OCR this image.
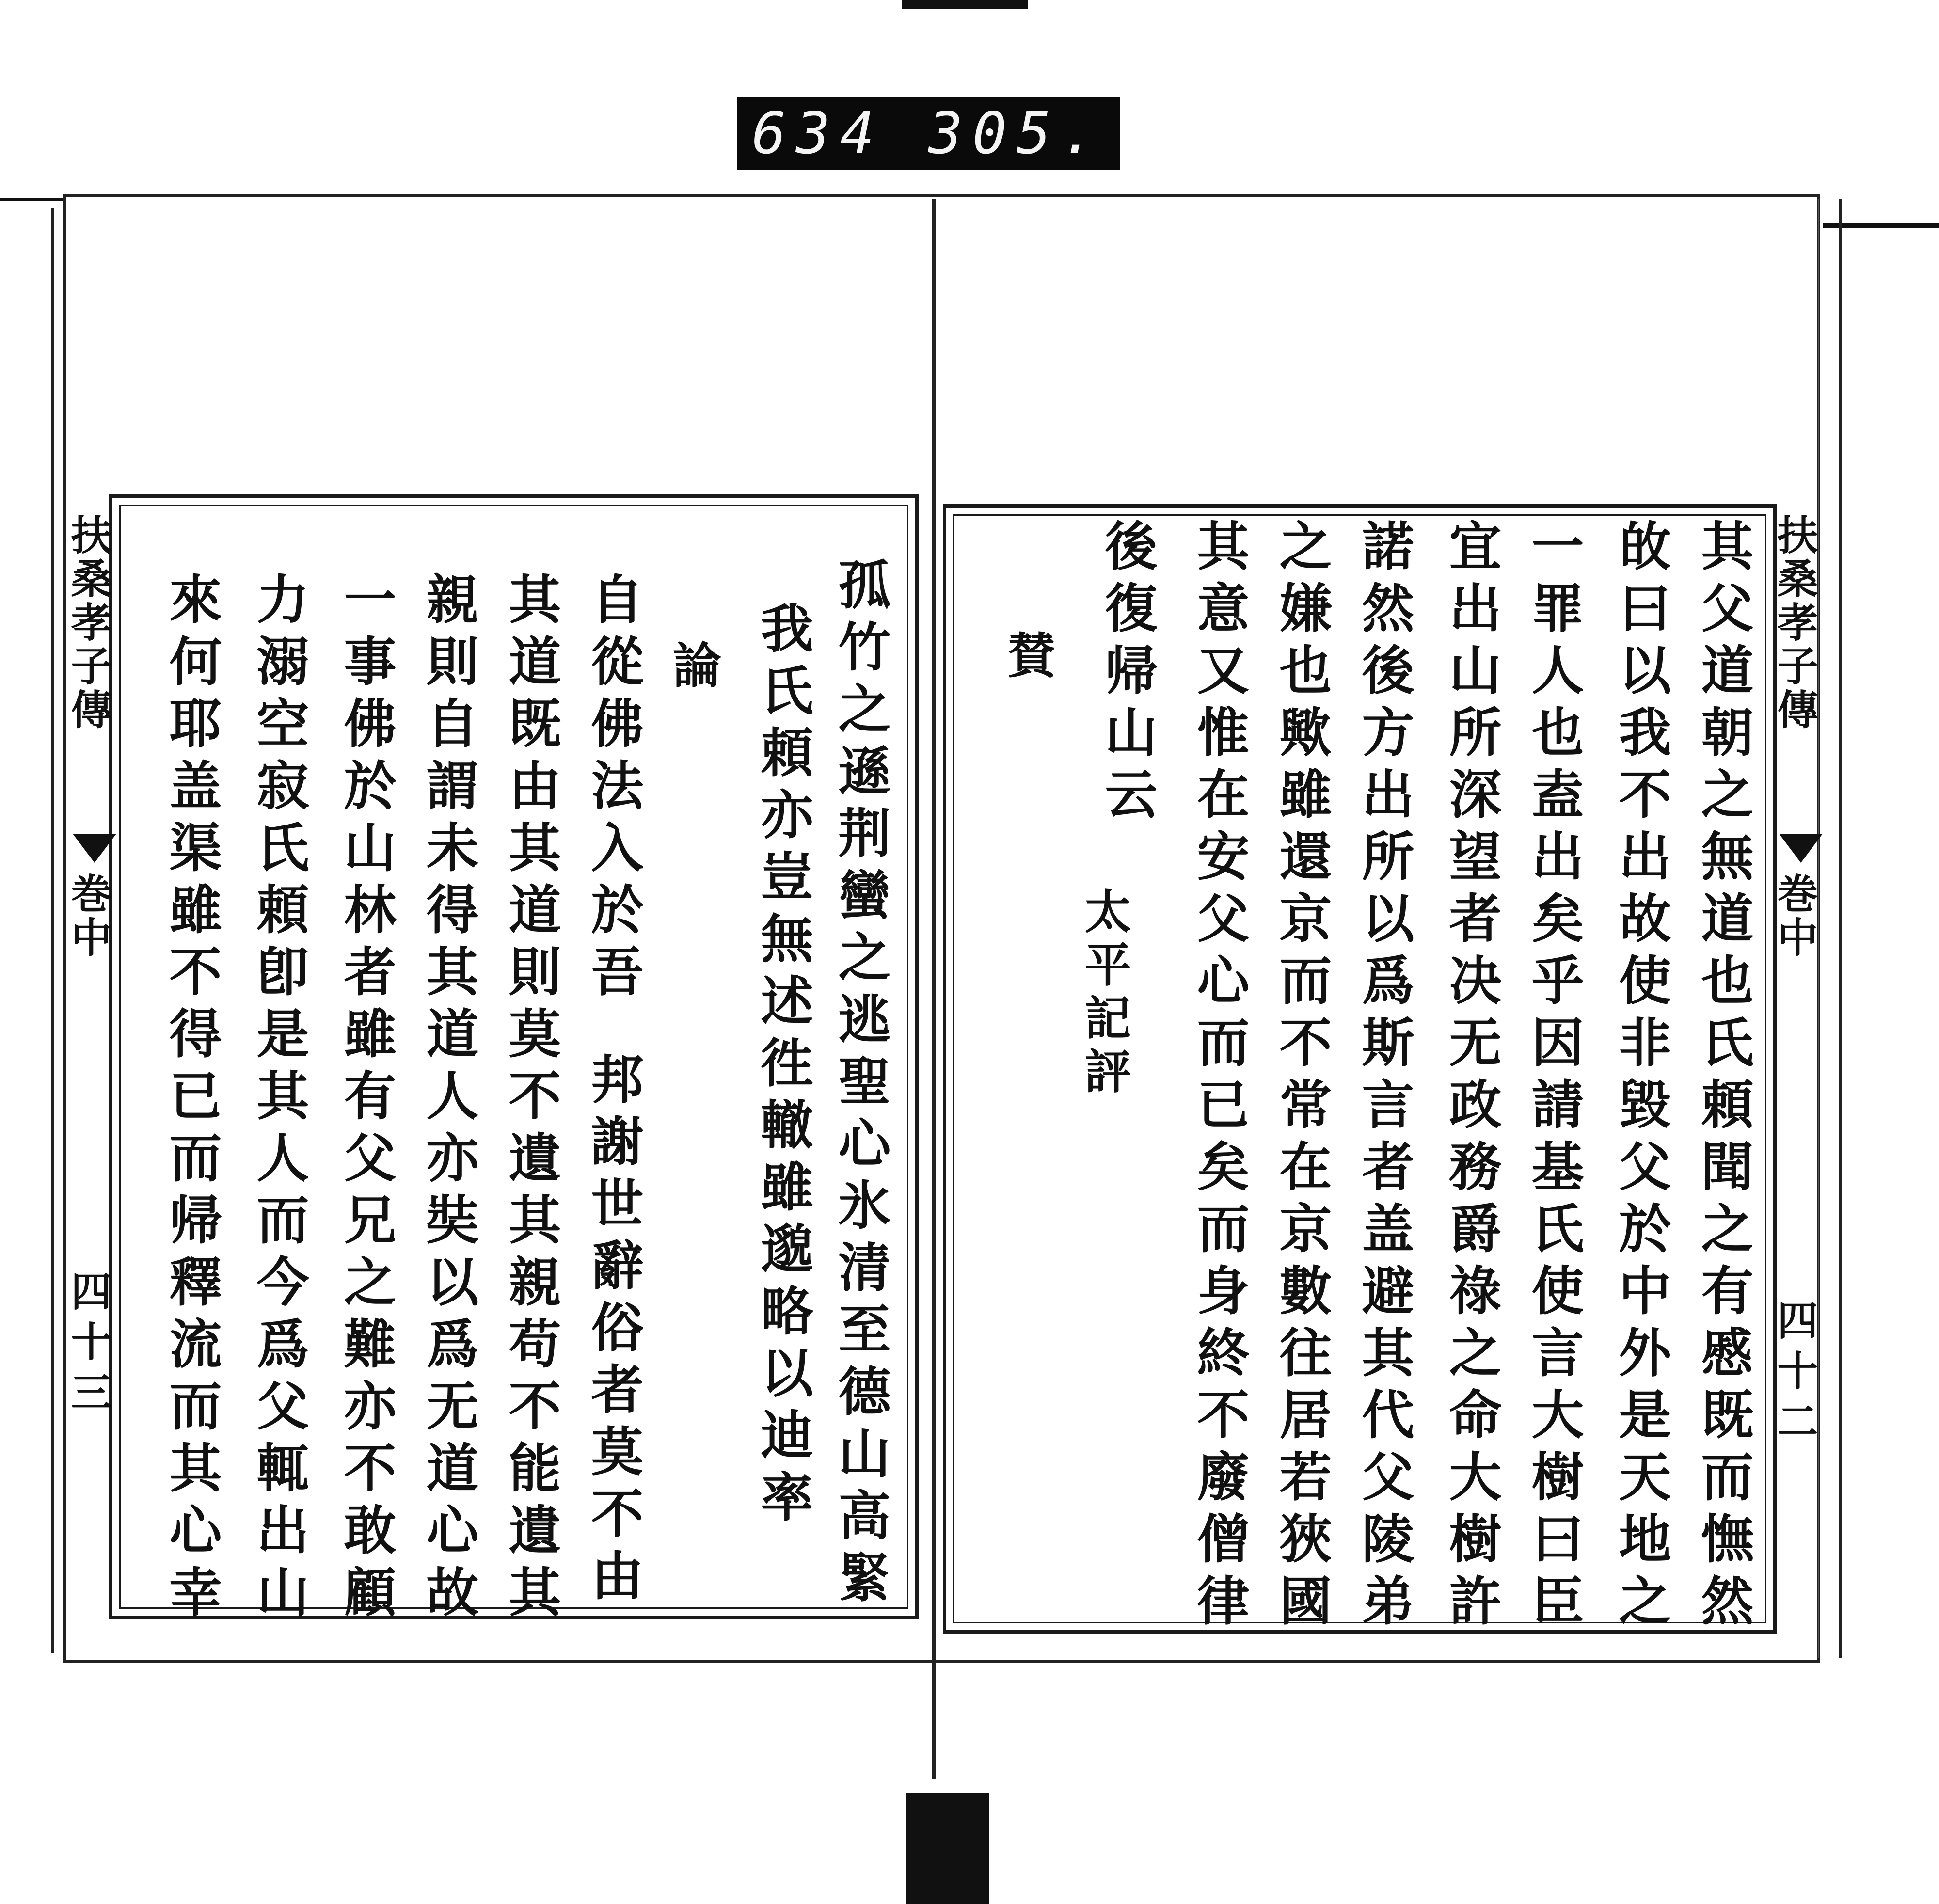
634 305.
扶桑孝子傳
巻中
四十三	孤竹之遜荆蠻之逃聖心氷清至德山高緊
我氏頼亦豈無述徃轍雖邈略以迪率
論
自從佛法入於吾
邦謝世辭俗者莫不由
其道既由其道則莫不遺其親苟不能遺其
親則自謂未得其道人亦奘以爲无道心故
一事佛於山林者雖有父兄之難亦不敢顧
力溺空寂氏頼卽是其人而今爲父輒出山
來何耶盖渠雖不得已而帰釋流而其心幸	扶桑孝子傳
巻中
四十二
其父道朝之無道也氏頼聞之有慼既而憮然
敀曰以我不出故使非毀父於中外是天地之
一罪人也盍出矣乎因請基氏使言大樹曰臣
宜出山所深望者决无政務爵祿之命大樹許
諾然後方出所以爲斯言者盖避其代父陵弟
之嫌也歟雖還京而不常在京數往居若狹國
其意又惟在安父心而已矣而身終不廢僧律
後復帰山云
賛
太平記評
